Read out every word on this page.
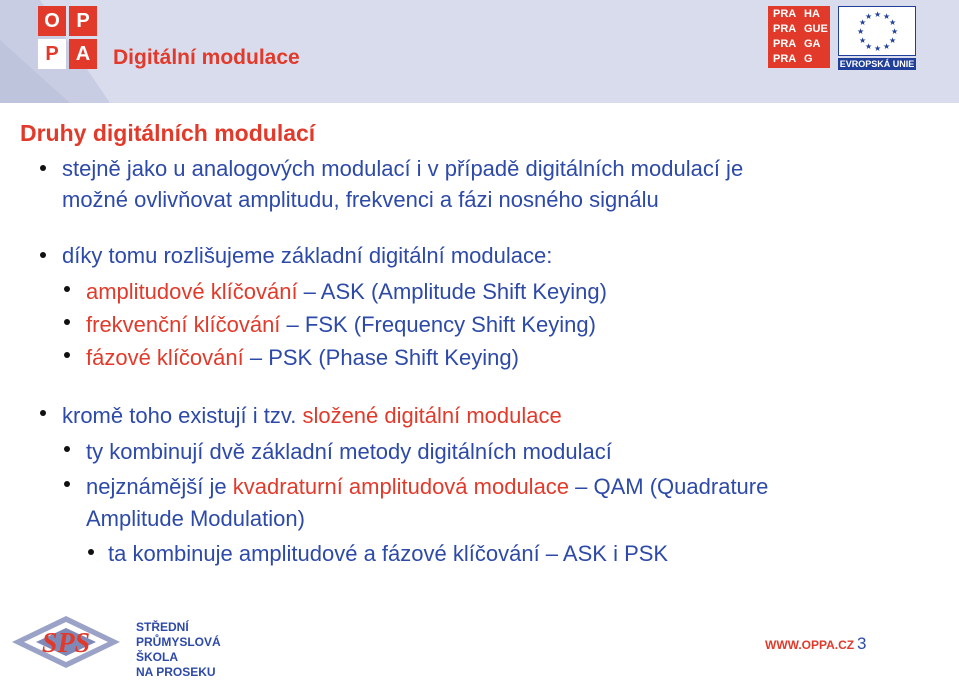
O P
P A	Digitální modulace
PRA HA
PRA GUE
PRA GA
PRA G
★ ★
★
★
★
★
★
★
★
★
★
★
EVROPSKÁ UNIE
Druhy digitálních modulací
stejně jako u analogových modulací i v případě digitálních modulací je
možné ovlivňovat amplitudu, frekvenci a fázi nosného signálu
díky tomu rozlišujeme základní digitální modulace:
amplitudové klíčování – ASK (Amplitude Shift Keying)
frekvenční klíčování – FSK (Frequency Shift Keying)
fázové klíčování – PSK (Phase Shift Keying)
kromě toho existují i tzv. složené digitální modulace
ty kombinují dvě základní metody digitálních modulací
nejznámější je kvadraturní amplitudová modulace – QAM (Quadrature
Amplitude Modulation)
ta kombinuje amplitudové a fázové klíčování – ASK i PSK
SPS
STŘEDNÍ
PRŮMYSLOVÁ
ŠKOLA
NA PROSEKU
WWW.OPPA.CZ 3
